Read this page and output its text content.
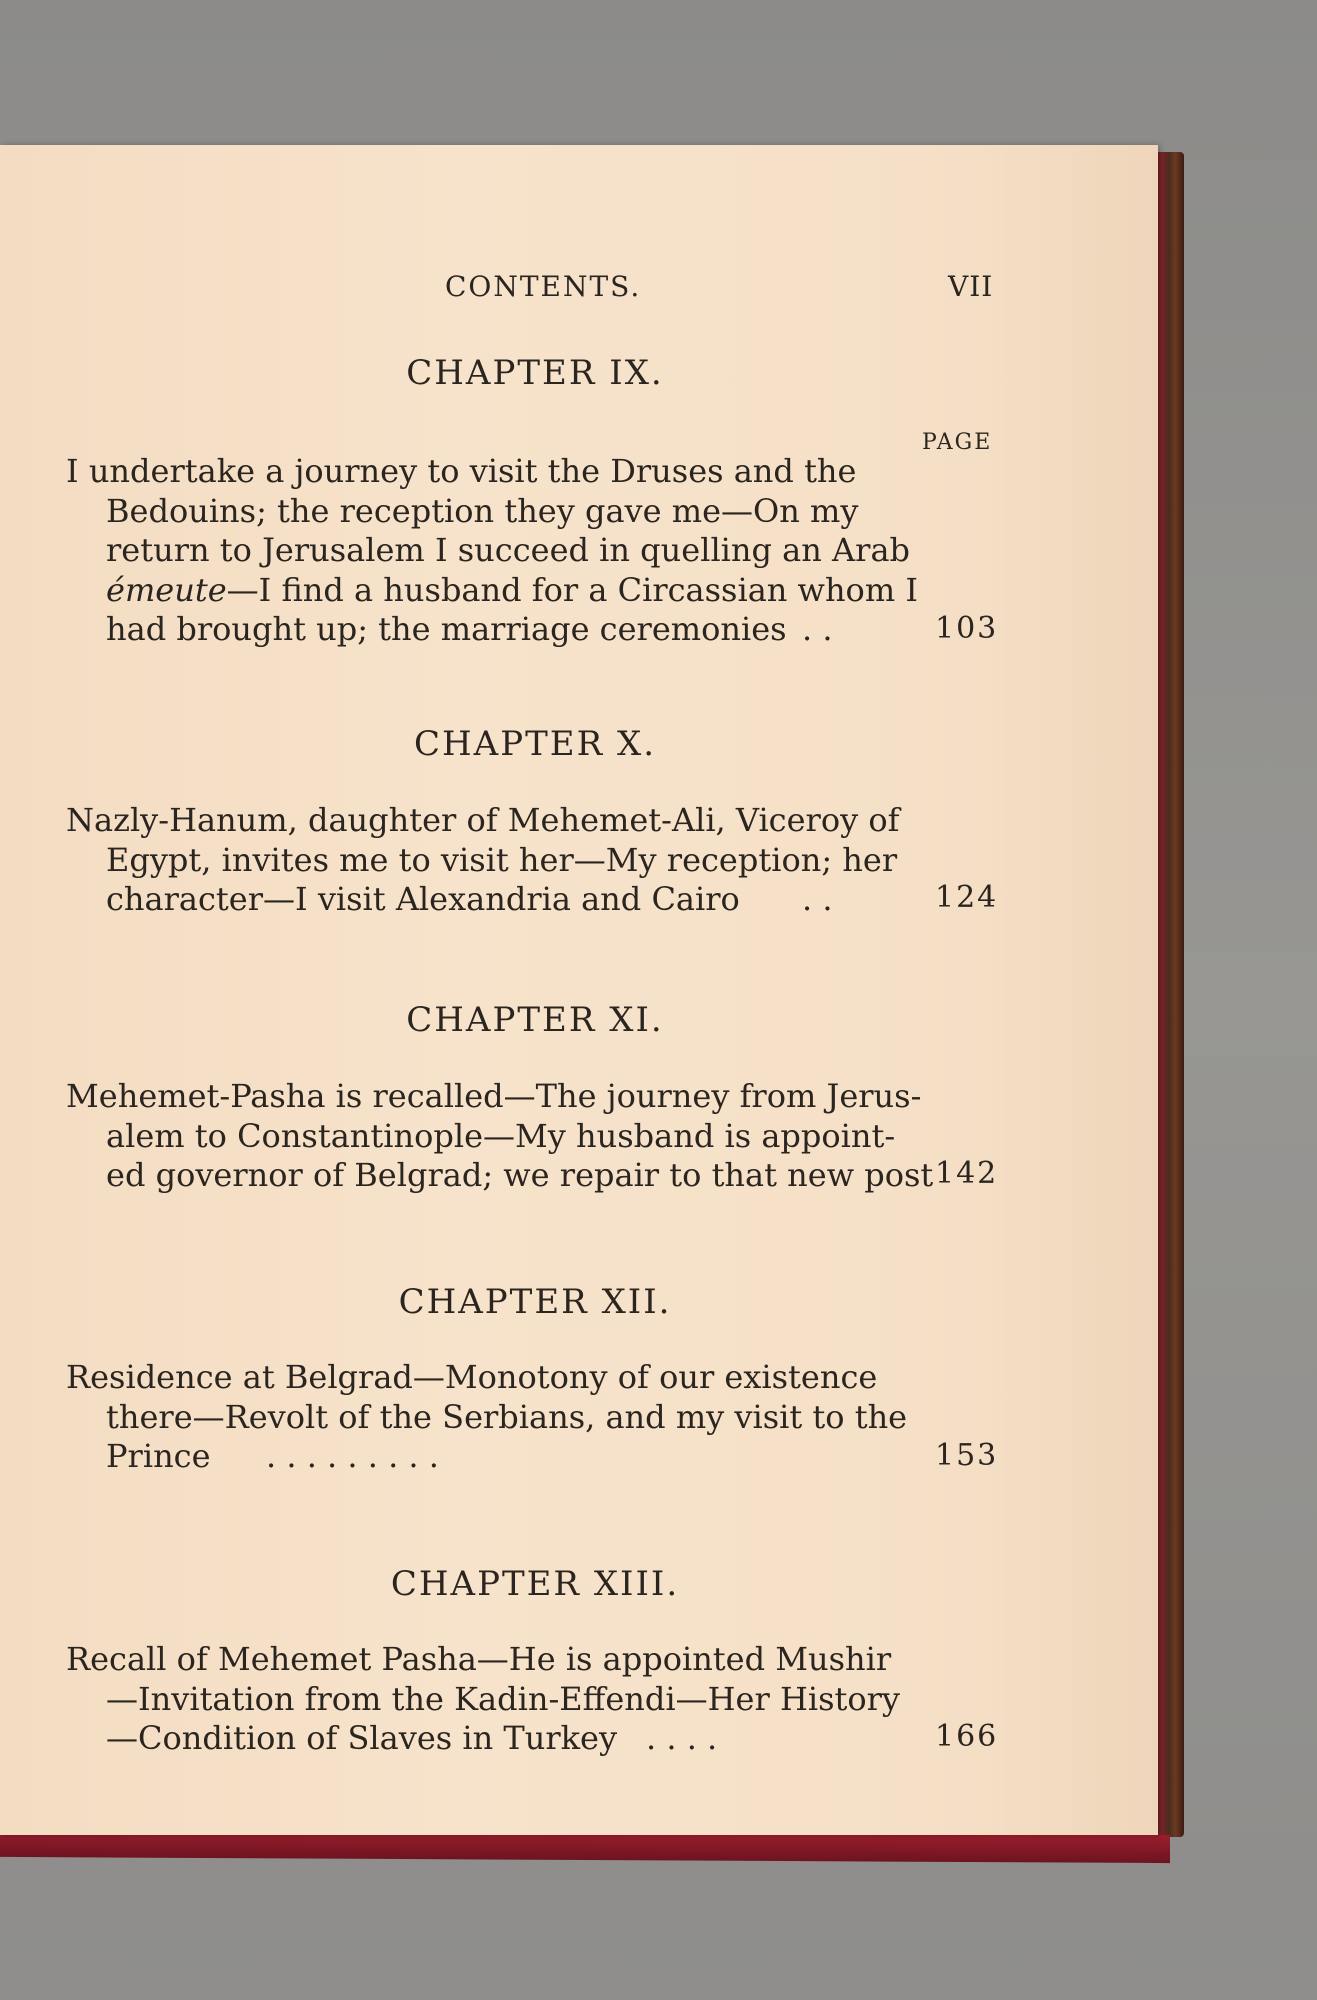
CONTENTS.	VII
CHAPTER IX.
PAGE
I undertake a journey to visit the Druses and the
Bedouins; the reception they gave me—On my
return to Jerusalem I succeed in quelling an Arab
émeute—I find a husband for a Circassian whom I
had brought up; the marriage ceremonies . .	103
CHAPTER X.
Nazly-Hanum, daughter of Mehemet-Ali, Viceroy of
Egypt, invites me to visit her—My reception; her
character—I visit Alexandria and Cairo . .	124
CHAPTER XI.
Mehemet-Pasha is recalled—The journey from Jerus-
alem to Constantinople—My husband is appoint-
ed governor of Belgrad; we repair to that new post 142
CHAPTER XII.
Residence at Belgrad—Monotony of our existence
there—Revolt of the Serbians, and my visit to the
Prince . . . . . . . . .	153
CHAPTER XIII.
Recall of Mehemet Pasha—He is appointed Mushir
—Invitation from the Kadin-Effendi—Her History
—Condition of Slaves in Turkey . . . .	166
